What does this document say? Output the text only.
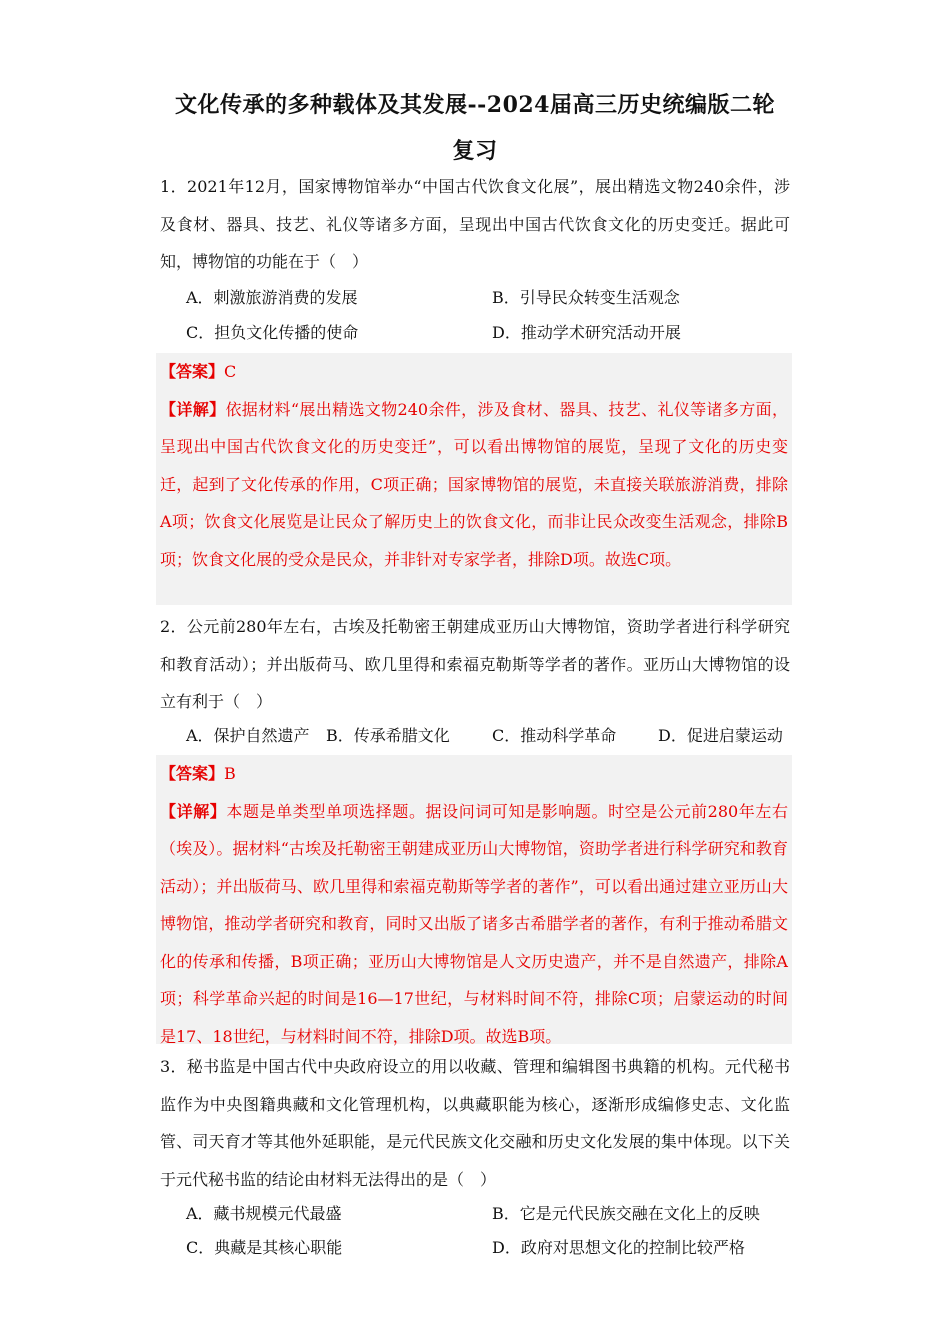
文化传承的多种载体及其发展--2024届高三历史统编版二轮
复习

1．2021年12月，国家博物馆举办“中国古代饮食文化展”，展出精选文物240余件，涉及食材、器具、技艺、礼仪等诸多方面，呈现出中国古代饮食文化的历史变迁。据此可知，博物馆的功能在于（　）

A．刺激旅游消费的发展	B．引导民众转变生活观念
C．担负文化传播的使命	D．推动学术研究活动开展

【答案】C

【详解】依据材料“展出精选文物240余件，涉及食材、器具、技艺、礼仪等诸多方面，呈现出中国古代饮食文化的历史变迁”，可以看出博物馆的展览，呈现了文化的历史变迁，起到了文化传承的作用，C项正确；国家博物馆的展览，未直接关联旅游消费，排除A项；饮食文化展览是让民众了解历史上的饮食文化，而非让民众改变生活观念，排除B项；饮食文化展的受众是民众，并非针对专家学者，排除D项。故选C项。

2．公元前280年左右，古埃及托勒密王朝建成亚历山大博物馆，资助学者进行科学研究和教育活动）；并出版荷马、欧几里得和索福克勒斯等学者的著作。亚历山大博物馆的设立有利于（　）

A．保护自然遗产 B．传承希腊文化	C．推动科学革命	D．促进启蒙运动

【答案】B

【详解】本题是单类型单项选择题。据设问词可知是影响题。时空是公元前280年左右（埃及）。据材料“古埃及托勒密王朝建成亚历山大博物馆，资助学者进行科学研究和教育活动）；并出版荷马、欧几里得和索福克勒斯等学者的著作”，可以看出通过建立亚历山大博物馆，推动学者研究和教育，同时又出版了诸多古希腊学者的著作，有利于推动希腊文化的传承和传播，B项正确；亚历山大博物馆是人文历史遗产，并不是自然遗产，排除A项；科学革命兴起的时间是16—17世纪，与材料时间不符，排除C项；启蒙运动的时间是17、18世纪，与材料时间不符，排除D项。故选B项。

3．秘书监是中国古代中央政府设立的用以收藏、管理和编辑图书典籍的机构。元代秘书监作为中央图籍典藏和文化管理机构，以典藏职能为核心，逐渐形成编修史志、文化监管、司天育才等其他外延职能，是元代民族文化交融和历史文化发展的集中体现。以下关于元代秘书监的结论由材料无法得出的是（　）

A．藏书规模元代最盛	B．它是元代民族交融在文化上的反映
C．典藏是其核心职能	D．政府对思想文化的控制比较严格
